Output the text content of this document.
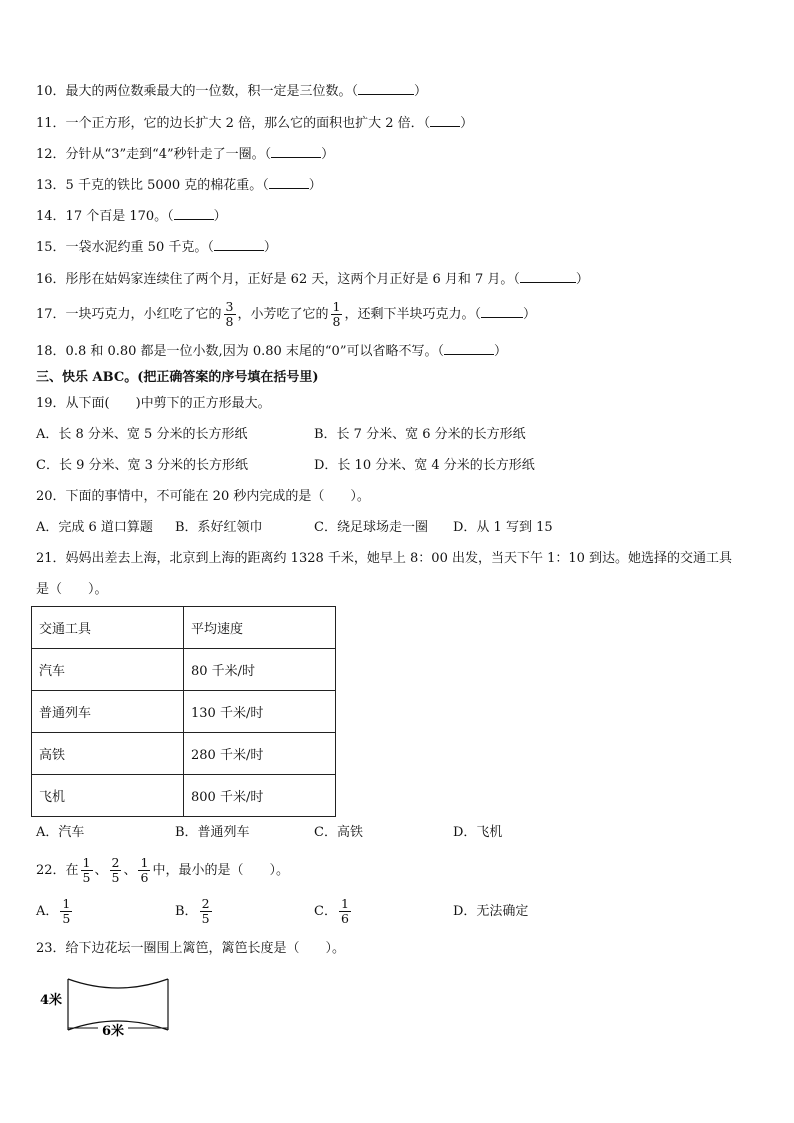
10．最大的两位数乘最大的一位数，积一定是三位数。（	）
11．一个正方形，它的边长扩大 2 倍，那么它的面积也扩大 2 倍．（ ）
12．分针从“3”走到“4”秒针走了一圈。（	）
13．5 千克的铁比 5000 克的棉花重。（	）
14．17 个百是 170。（	）
15．一袋水泥约重 50 千克。（	）
16．彤彤在姑妈家连续住了两个月，正好是 62 天，这两个月正好是 6 月和 7 月。（	）
17．一块巧克力，小红吃了它的 $\frac{3}{8}$ ，小芳吃了它的 $\frac{1}{8}$ ，还剩下半块巧克力。（	）
18．0.8 和 0.80 都是一位小数,因为 0.80 末尾的“0”可以省略不写。（	）
三、快乐 ABC。(把正确答案的序号填在括号里)
19．从下面(　　)中剪下的正方形最大。
A．长 8 分米、宽 5 分米的长方形纸	B．长 7 分米、宽 6 分米的长方形纸
C．长 9 分米、宽 3 分米的长方形纸	D．长 10 分米、宽 4 分米的长方形纸
20．下面的事情中，不可能在 20 秒内完成的是（　　）。
A．完成 6 道口算题 B．系好红领巾	C．绕足球场走一圈 D．从 1 写到 15
21．妈妈出差去上海，北京到上海的距离约 1328 千米，她早上 8：00 出发，当天下午 1：10 到达。她选择的交通工具
是（　　）。
交通工具	平均速度
汽车	80 千米/时
普通列车	130 千米/时
高铁	280 千米/时
飞机	800 千米/时
A．汽车	B．普通列车	C．高铁	D．飞机
22．在 $\frac{1}{5}$ 、 $\frac{2}{5}$ 、 $\frac{1}{6}$ 中，最小的是（　　）。
A． $\frac{1}{5}$	B． $\frac{2}{5}$	C． $\frac{1}{6}$	D．无法确定
23．给下边花坛一圈围上篱笆，篱笆长度是（　　）。
4米
6米
